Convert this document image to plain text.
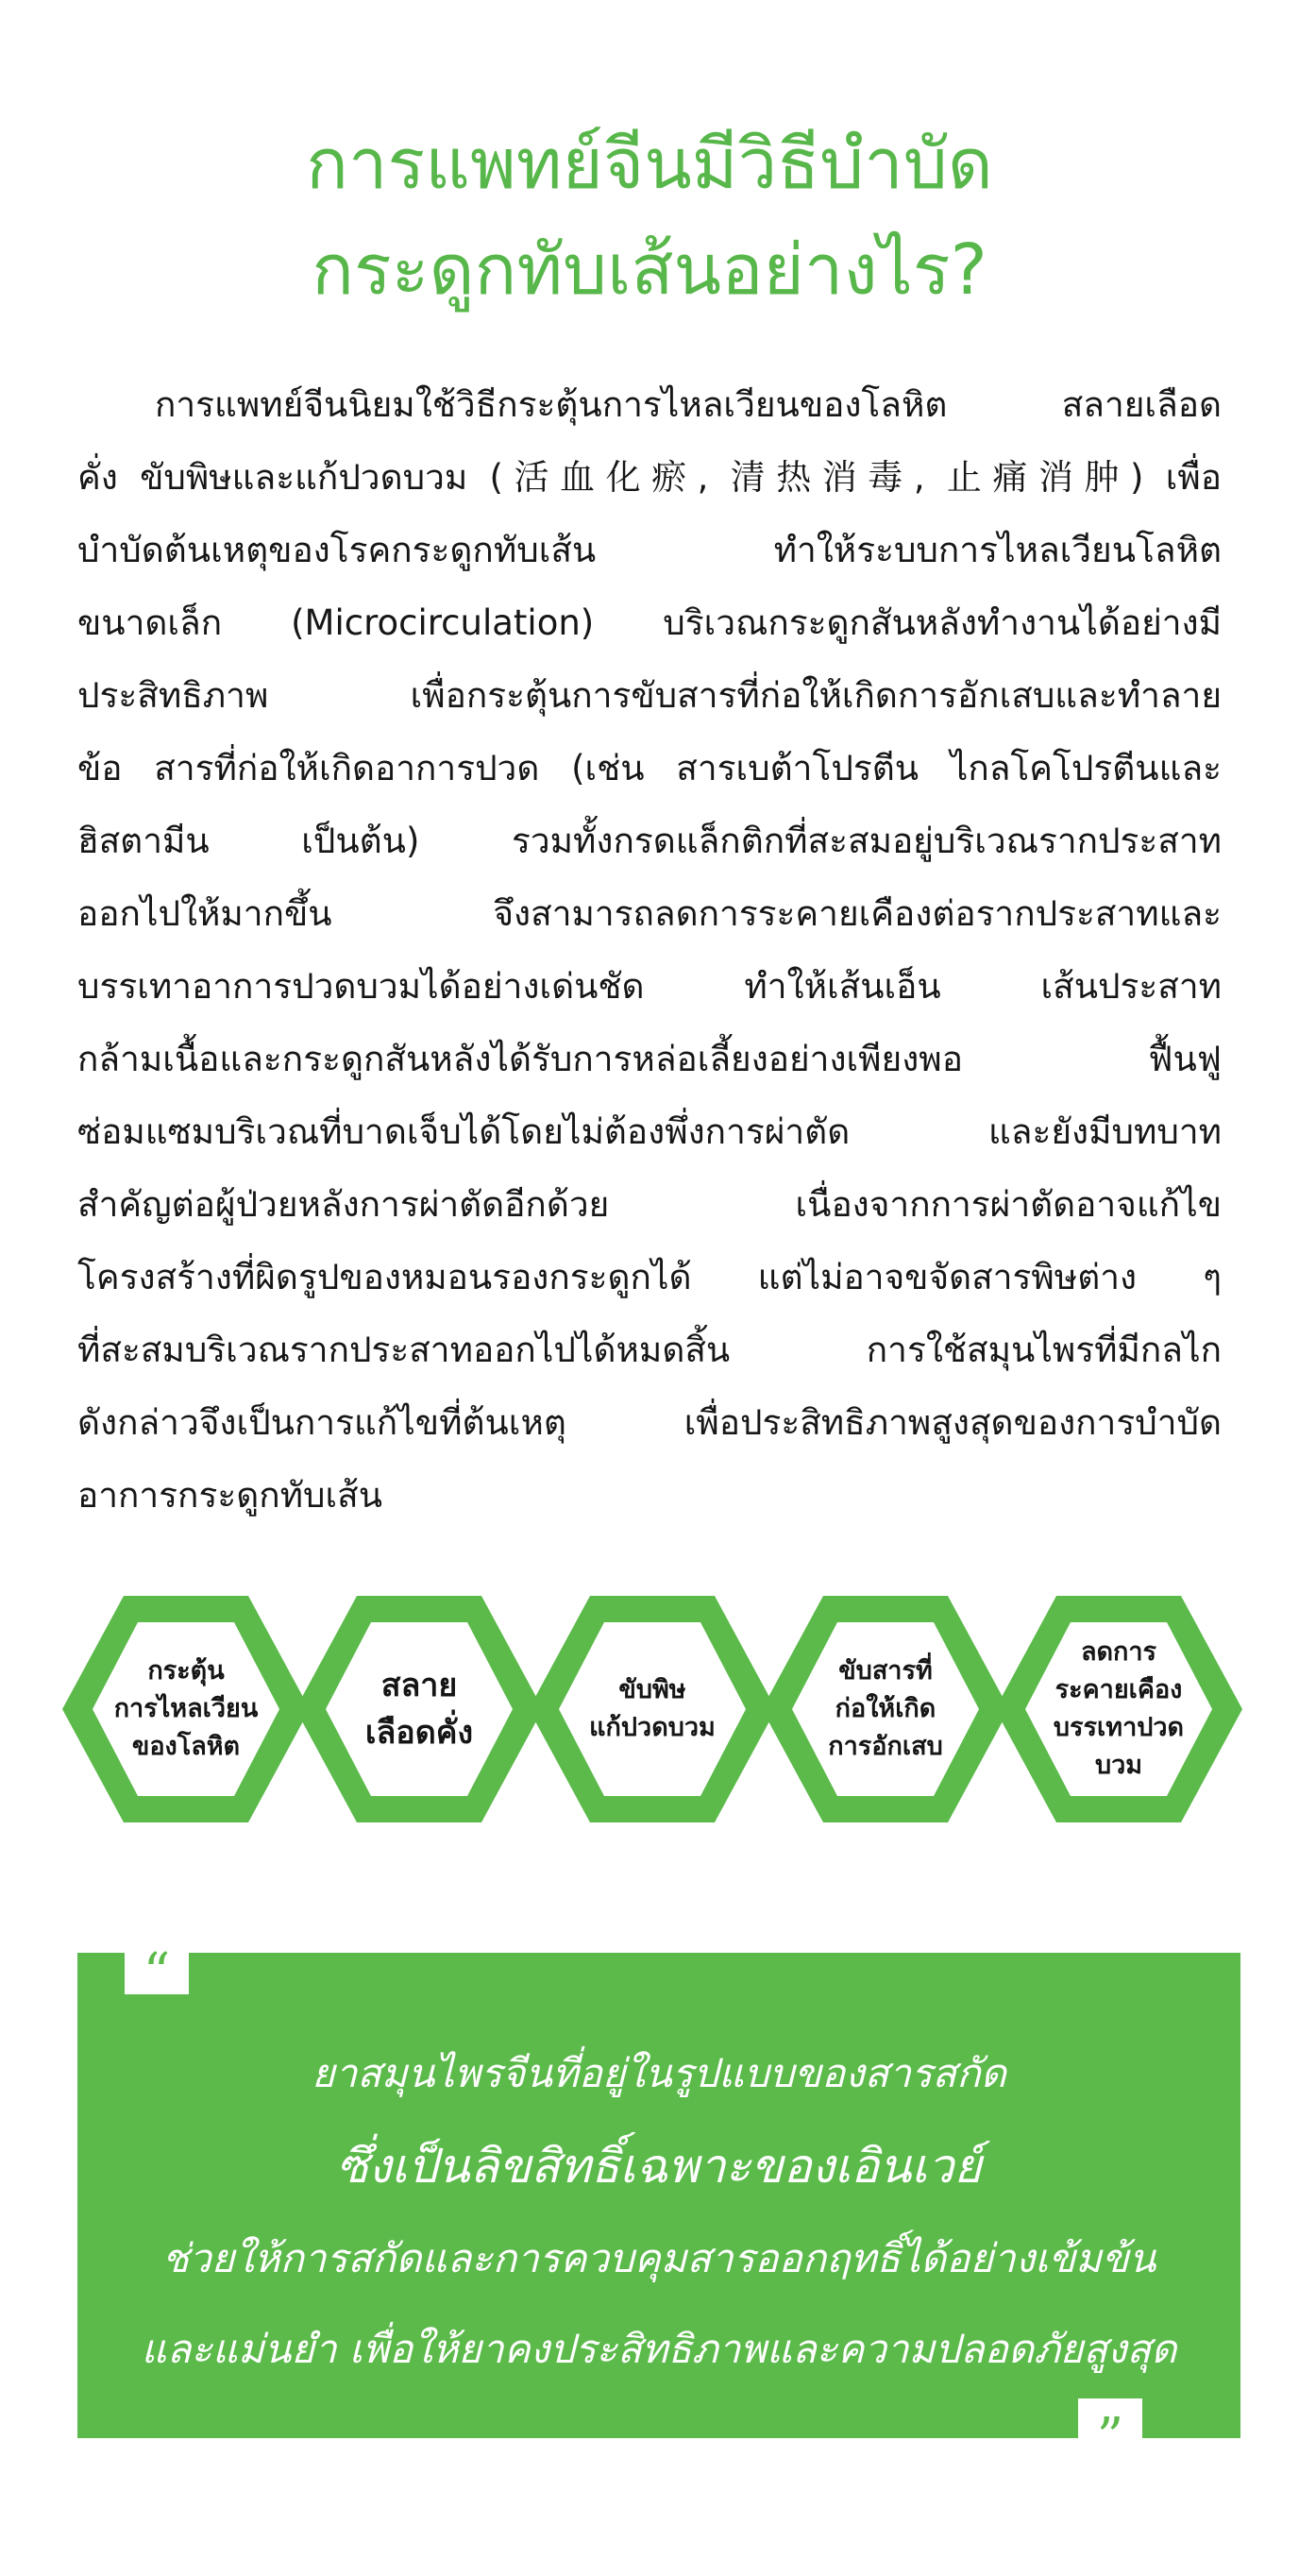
การแพทย์จีนมีวิธีบำบัด
กระดูกทับเส้นอย่างไร?
การแพทย์จีนนิยมใช้วิธีกระตุ้นการไหลเวียนของโลหิต สลายเลือด
คั่ง ขับพิษและแก้ปวดบวม (活血化瘀, 清热消毒, 止痛消肿) เพื่อ
บำบัดต้นเหตุของโรคกระดูกทับเส้น ทำให้ระบบการไหลเวียนโลหิต
ขนาดเล็ก (Microcirculation) บริเวณกระดูกสันหลังทำงานได้อย่างมี
ประสิทธิภาพ เพื่อกระตุ้นการขับสารที่ก่อให้เกิดการอักเสบและทำลาย
ข้อ สารที่ก่อให้เกิดอาการปวด (เช่น สารเบต้าโปรตีน ไกลโคโปรตีนและ
ฮิสตามีน เป็นต้น) รวมทั้งกรดแล็กติกที่สะสมอยู่บริเวณรากประสาท
ออกไปให้มากขึ้น จึงสามารถลดการระคายเคืองต่อรากประสาทและ
บรรเทาอาการปวดบวมได้อย่างเด่นชัด ทำให้เส้นเอ็น เส้นประสาท
กล้ามเนื้อและกระดูกสันหลังได้รับการหล่อเลี้ยงอย่างเพียงพอ ฟื้นฟู
ซ่อมแซมบริเวณที่บาดเจ็บได้โดยไม่ต้องพึ่งการผ่าตัด และยังมีบทบาท
สำคัญต่อผู้ป่วยหลังการผ่าตัดอีกด้วย เนื่องจากการผ่าตัดอาจแก้ไข
โครงสร้างที่ผิดรูปของหมอนรองกระดูกได้ แต่ไม่อาจขจัดสารพิษต่าง ๆ
ที่สะสมบริเวณรากประสาทออกไปได้หมดสิ้น การใช้สมุนไพรที่มีกลไก
ดังกล่าวจึงเป็นการแก้ไขที่ต้นเหตุ เพื่อประสิทธิภาพสูงสุดของการบำบัด
อาการกระดูกทับเส้น
กระตุ้น
การไหลเวียน
ของโลหิต
สลาย
เลือดคั่ง
ขับพิษ
แก้ปวดบวม
ขับสารที่
ก่อให้เกิด
การอักเสบ
ลดการ
ระคายเคือง
บรรเทาปวด
บวม
“
ยาสมุนไพรจีนที่อยู่ในรูปแบบของสารสกัด
ซึ่งเป็นลิขสิทธิ์เฉพาะของเอินเวย์
ช่วยให้การสกัดและการควบคุมสารออกฤทธิ์ได้อย่างเข้มข้น
และแม่นยำ เพื่อให้ยาคงประสิทธิภาพและความปลอดภัยสูงสุด
”
